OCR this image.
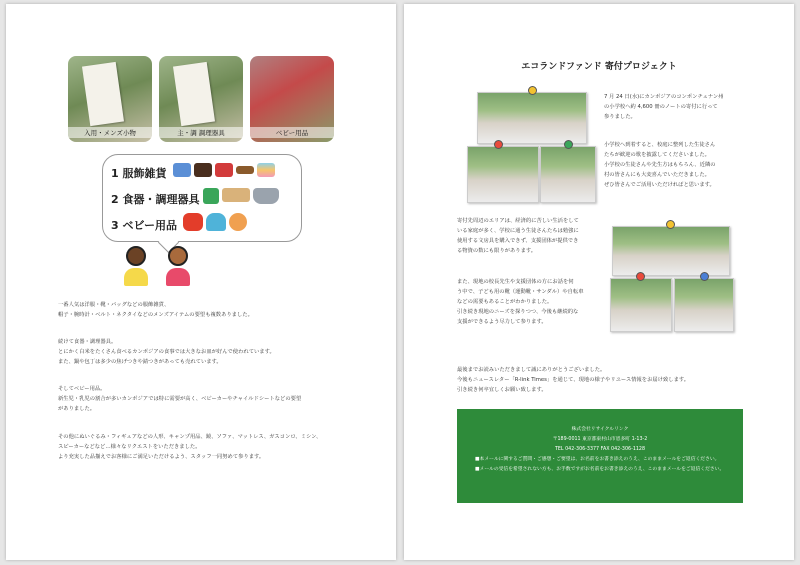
入用・メンズ小物	主・調 調理器具	ベビー用品
1 服飾雑貨
2 食器・調理器具
3 ベビー用品

一番人気は洋服・靴・バッグなどの服飾雑貨、

帽子・腕時計・ベルト・ネクタイなどのメンズアイテムの要望も複数ありました。

続けて食器・調理器具。

とにかく白米をたくさん食べるカンボジアの食事では大きなお皿が好んで使われています。

また、鍋や包丁は多少の焦げつきや錆つきがあっても売れています。

そしてベビー用品。

新生児・乳児の割合が多いカンボジアでは特に需要が高く、ベビーカーやチャイルドシートなどの要望

がありました。

その他にぬいぐるみ・フィギュアなどの人形、キャンプ用品、鏡、ソファ、マットレス、ガスコンロ、ミシン、

スピーカーなどなど…様々なリクエストをいただきました。

より充実した品揃えでお客様にご満足いただけるよう、スタッフ一同努めて参ります。

エコランドファンド 寄付プロジェクト

7 月 24 日(水)にカンボジアのコンポンチュナン州

の小学校へ約 4,600 冊のノートの寄付に行って

参りました。

小学校へ到着すると、校庭に整列した生徒さん

たちが歓迎の歌を披露してくださいました。

小学校の生徒さんや先生方はもちろん、近隣の

村の皆さんにも大変喜んでいただきました。

ぜひ皆さんでご活用いただければと思います。

寄付先周辺のエリアは、経済的に苦しい生活をして

いる家庭が多く、学校に通う生徒さんたちは勉強に

使用する文房具を購入できず、支援団体が提供でき

る物資の数にも限りがあります。

また、現地の校長先生や支援団体の方にお話を伺

う中で、子ども用の靴（運動靴・サンダル）や自転車

などの需要もあることがわかりました。

引き続き現地のニーズを探りつつ、今後も継続的な

支援ができるよう尽力して参ります。

最後までお読みいただきまして誠にありがとうございました。

今後もニュースレター「R-link Times」を通じて、現地の様子やリユース情報をお届け致します。

引き続き何卒宜しくお願い致します。

株式会社リサイクルリンク
〒189-0011 東京都東村山市恩多町 1-13-2
TEL 042-306-3377 FAX 042-306-1128
■本メールに関するご質問・ご感想・ご要望は、お名前をお書き添えのうえ、このままメールをご返信ください。
■メールの受信を希望されない方も、お手数ですがお名前をお書き添えのうえ、このままメールをご返信ください。
